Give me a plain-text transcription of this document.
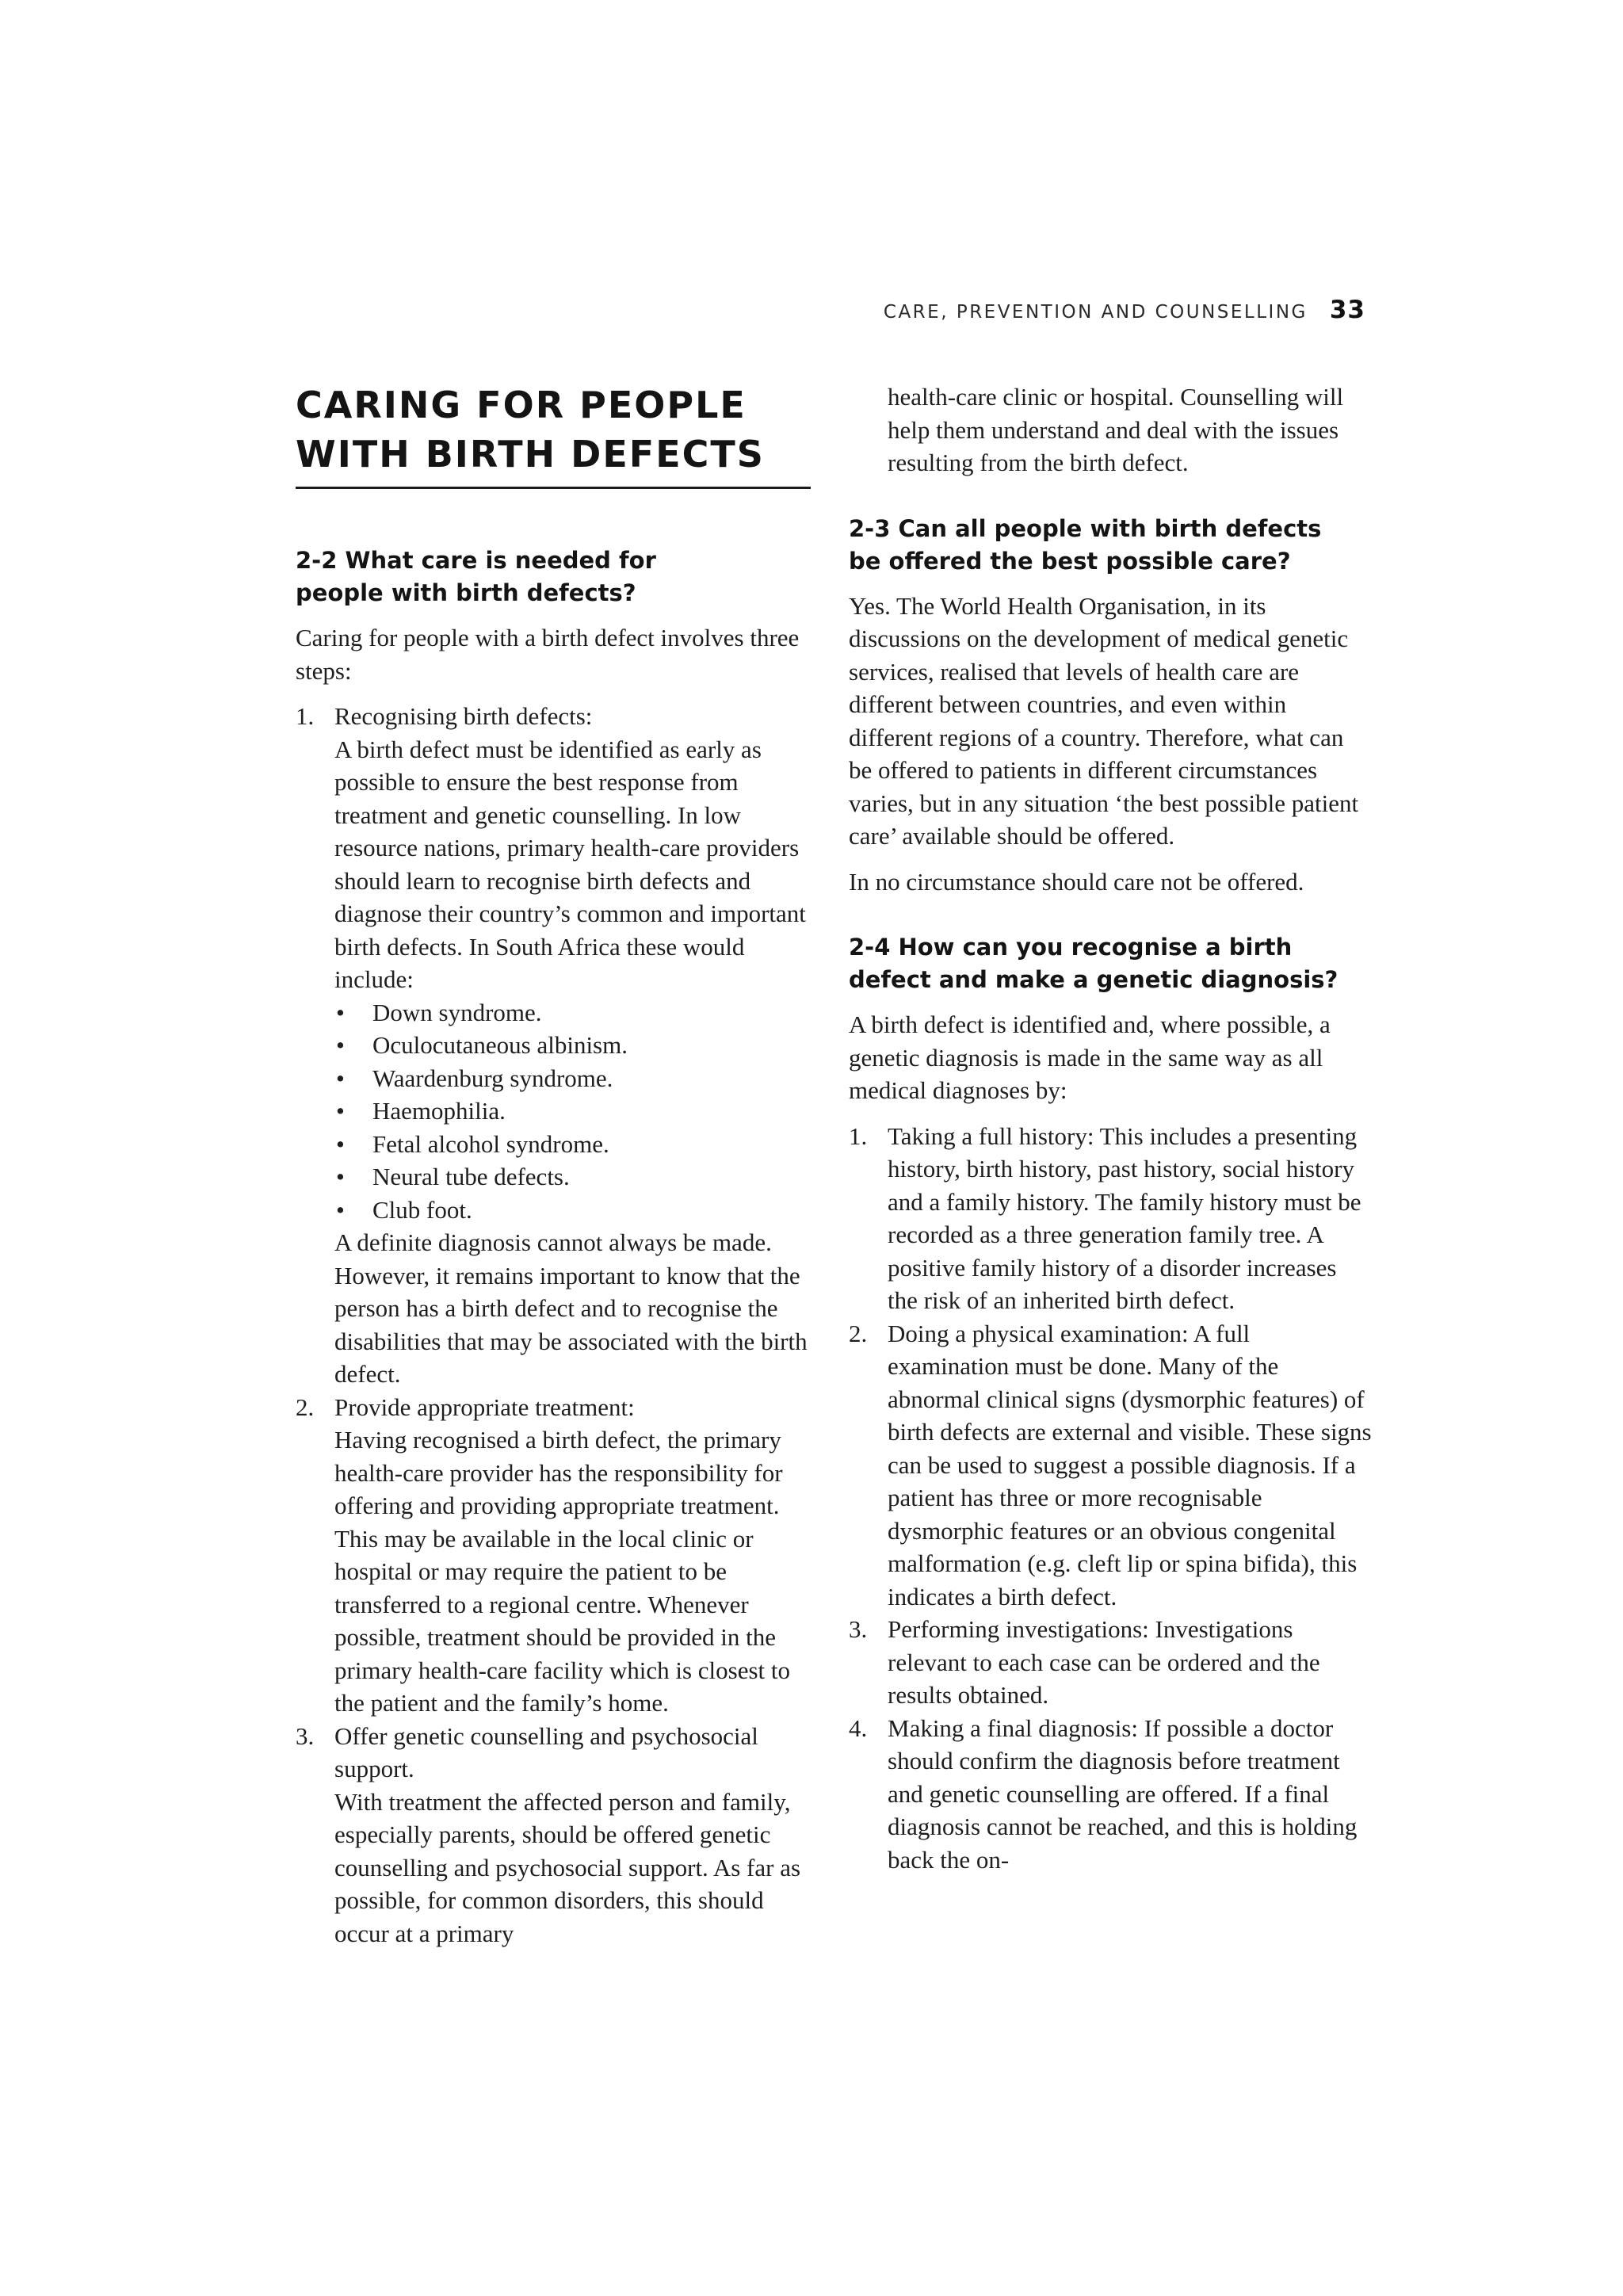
CARE, PREVENTION AND COUNSELLING 33
CARING FOR PEOPLE
WITH BIRTH DEFECTS
2-2 What care is needed for
people with birth defects?

Caring for people with a birth defect involves three steps:

1. Recognising birth defects:
A birth defect must be identified as early as possible to ensure the best response from treatment and genetic counselling. In low resource nations, primary health-care providers should learn to recognise birth defects and diagnose their country’s common and important birth defects. In South Africa these would include:
• Down syndrome.
• Oculocutaneous albinism.
• Waardenburg syndrome.
• Haemophilia.
• Fetal alcohol syndrome.
• Neural tube defects.
• Club foot.
A definite diagnosis cannot always be made. However, it remains important to know that the person has a birth defect and to recognise the disabilities that may be associated with the birth defect.
2. Provide appropriate treatment:
Having recognised a birth defect, the primary health-care provider has the responsibility for offering and providing appropriate treatment. This may be available in the local clinic or hospital or may require the patient to be transferred to a regional centre. Whenever possible, treatment should be provided in the primary health-care facility which is closest to the patient and the family’s home.
3. Offer genetic counselling and psychosocial support.
With treatment the affected person and family, especially parents, should be offered genetic counselling and psychosocial support. As far as possible, for common disorders, this should occur at a primary

health-care clinic or hospital. Counselling will help them understand and deal with the issues resulting from the birth defect.

2-3 Can all people with birth defects
be offered the best possible care?

Yes. The World Health Organisation, in its discussions on the development of medical genetic services, realised that levels of health care are different between countries, and even within different regions of a country. Therefore, what can be offered to patients in different circumstances varies, but in any situation ‘the best possible patient care’ available should be offered.

In no circumstance should care not be offered.

2-4 How can you recognise a birth
defect and make a genetic diagnosis?

A birth defect is identified and, where possible, a genetic diagnosis is made in the same way as all medical diagnoses by:

1. Taking a full history: This includes a presenting history, birth history, past history, social history and a family history. The family history must be recorded as a three generation family tree. A positive family history of a disorder increases the risk of an inherited birth defect.
2. Doing a physical examination: A full examination must be done. Many of the abnormal clinical signs (dysmorphic features) of birth defects are external and visible. These signs can be used to suggest a possible diagnosis. If a patient has three or more recognisable dysmorphic features or an obvious congenital malformation (e.g. cleft lip or spina bifida), this indicates a birth defect.
3. Performing investigations: Investigations relevant to each case can be ordered and the results obtained.
4. Making a final diagnosis: If possible a doctor should confirm the diagnosis before treatment and genetic counselling are offered. If a final diagnosis cannot be reached, and this is holding back the on-
